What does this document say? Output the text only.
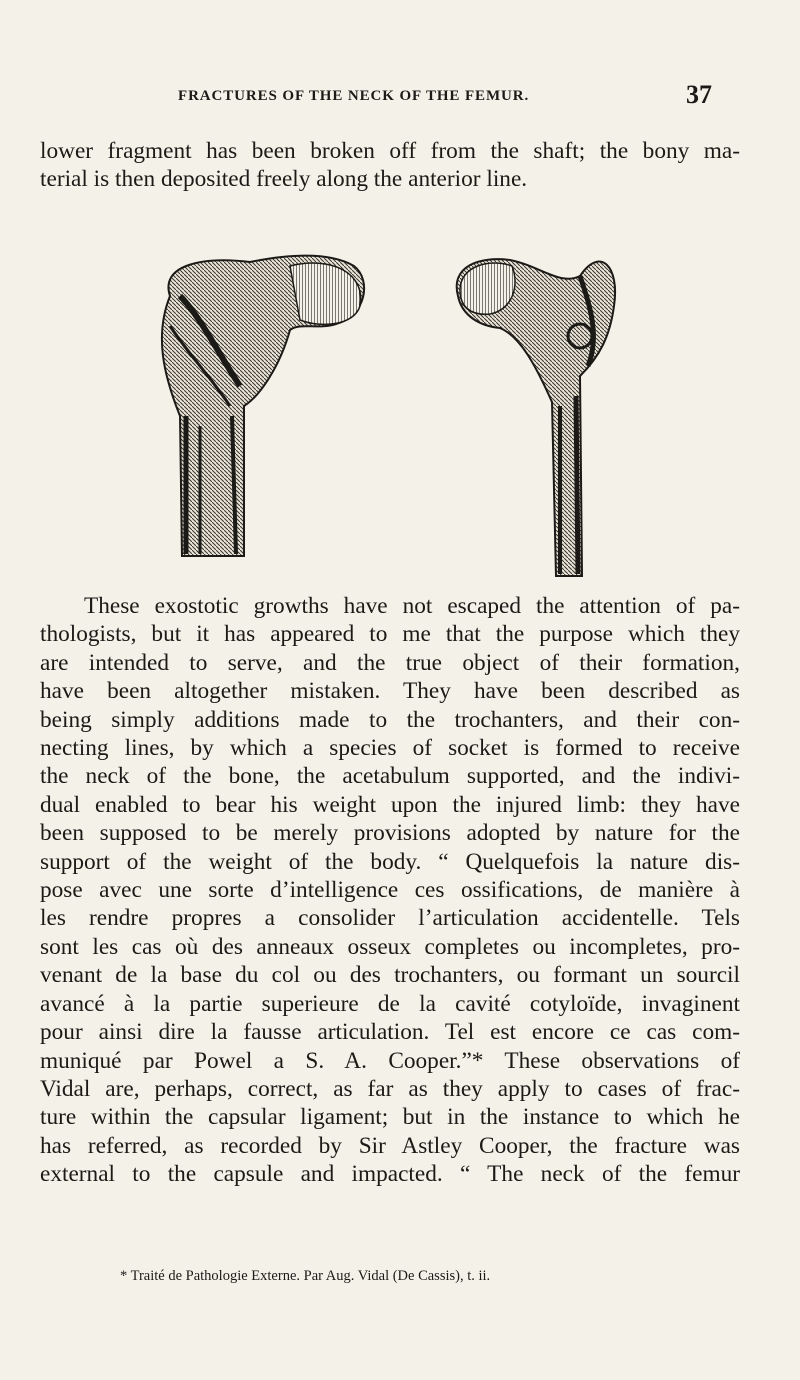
FRACTURES OF THE NECK OF THE FEMUR.	37
lower fragment has been broken off from the shaft; the bony ma-
terial is then deposited freely along the anterior line.
These exostotic growths have not escaped the attention of pa-
thologists, but it has appeared to me that the purpose which they
are intended to serve, and the true object of their formation,
have been altogether mistaken. They have been described as
being simply additions made to the trochanters, and their con-
necting lines, by which a species of socket is formed to receive
the neck of the bone, the acetabulum supported, and the indivi-
dual enabled to bear his weight upon the injured limb: they have
been supposed to be merely provisions adopted by nature for the
support of the weight of the body. “ Quelquefois la nature dis-
pose avec une sorte d’intelligence ces ossifications, de manière à
les rendre propres a consolider l’articulation accidentelle. Tels
sont les cas où des anneaux osseux completes ou incompletes, pro-
venant de la base du col ou des trochanters, ou formant un sourcil
avancé à la partie superieure de la cavité cotyloïde, invaginent
pour ainsi dire la fausse articulation. Tel est encore ce cas com-
muniqué par Powel a S. A. Cooper.”* These observations of
Vidal are, perhaps, correct, as far as they apply to cases of frac-
ture within the capsular ligament; but in the instance to which he
has referred, as recorded by Sir Astley Cooper, the fracture was
external to the capsule and impacted. “ The neck of the femur
* Traité de Pathologie Externe. Par Aug. Vidal (De Cassis), t. ii.
